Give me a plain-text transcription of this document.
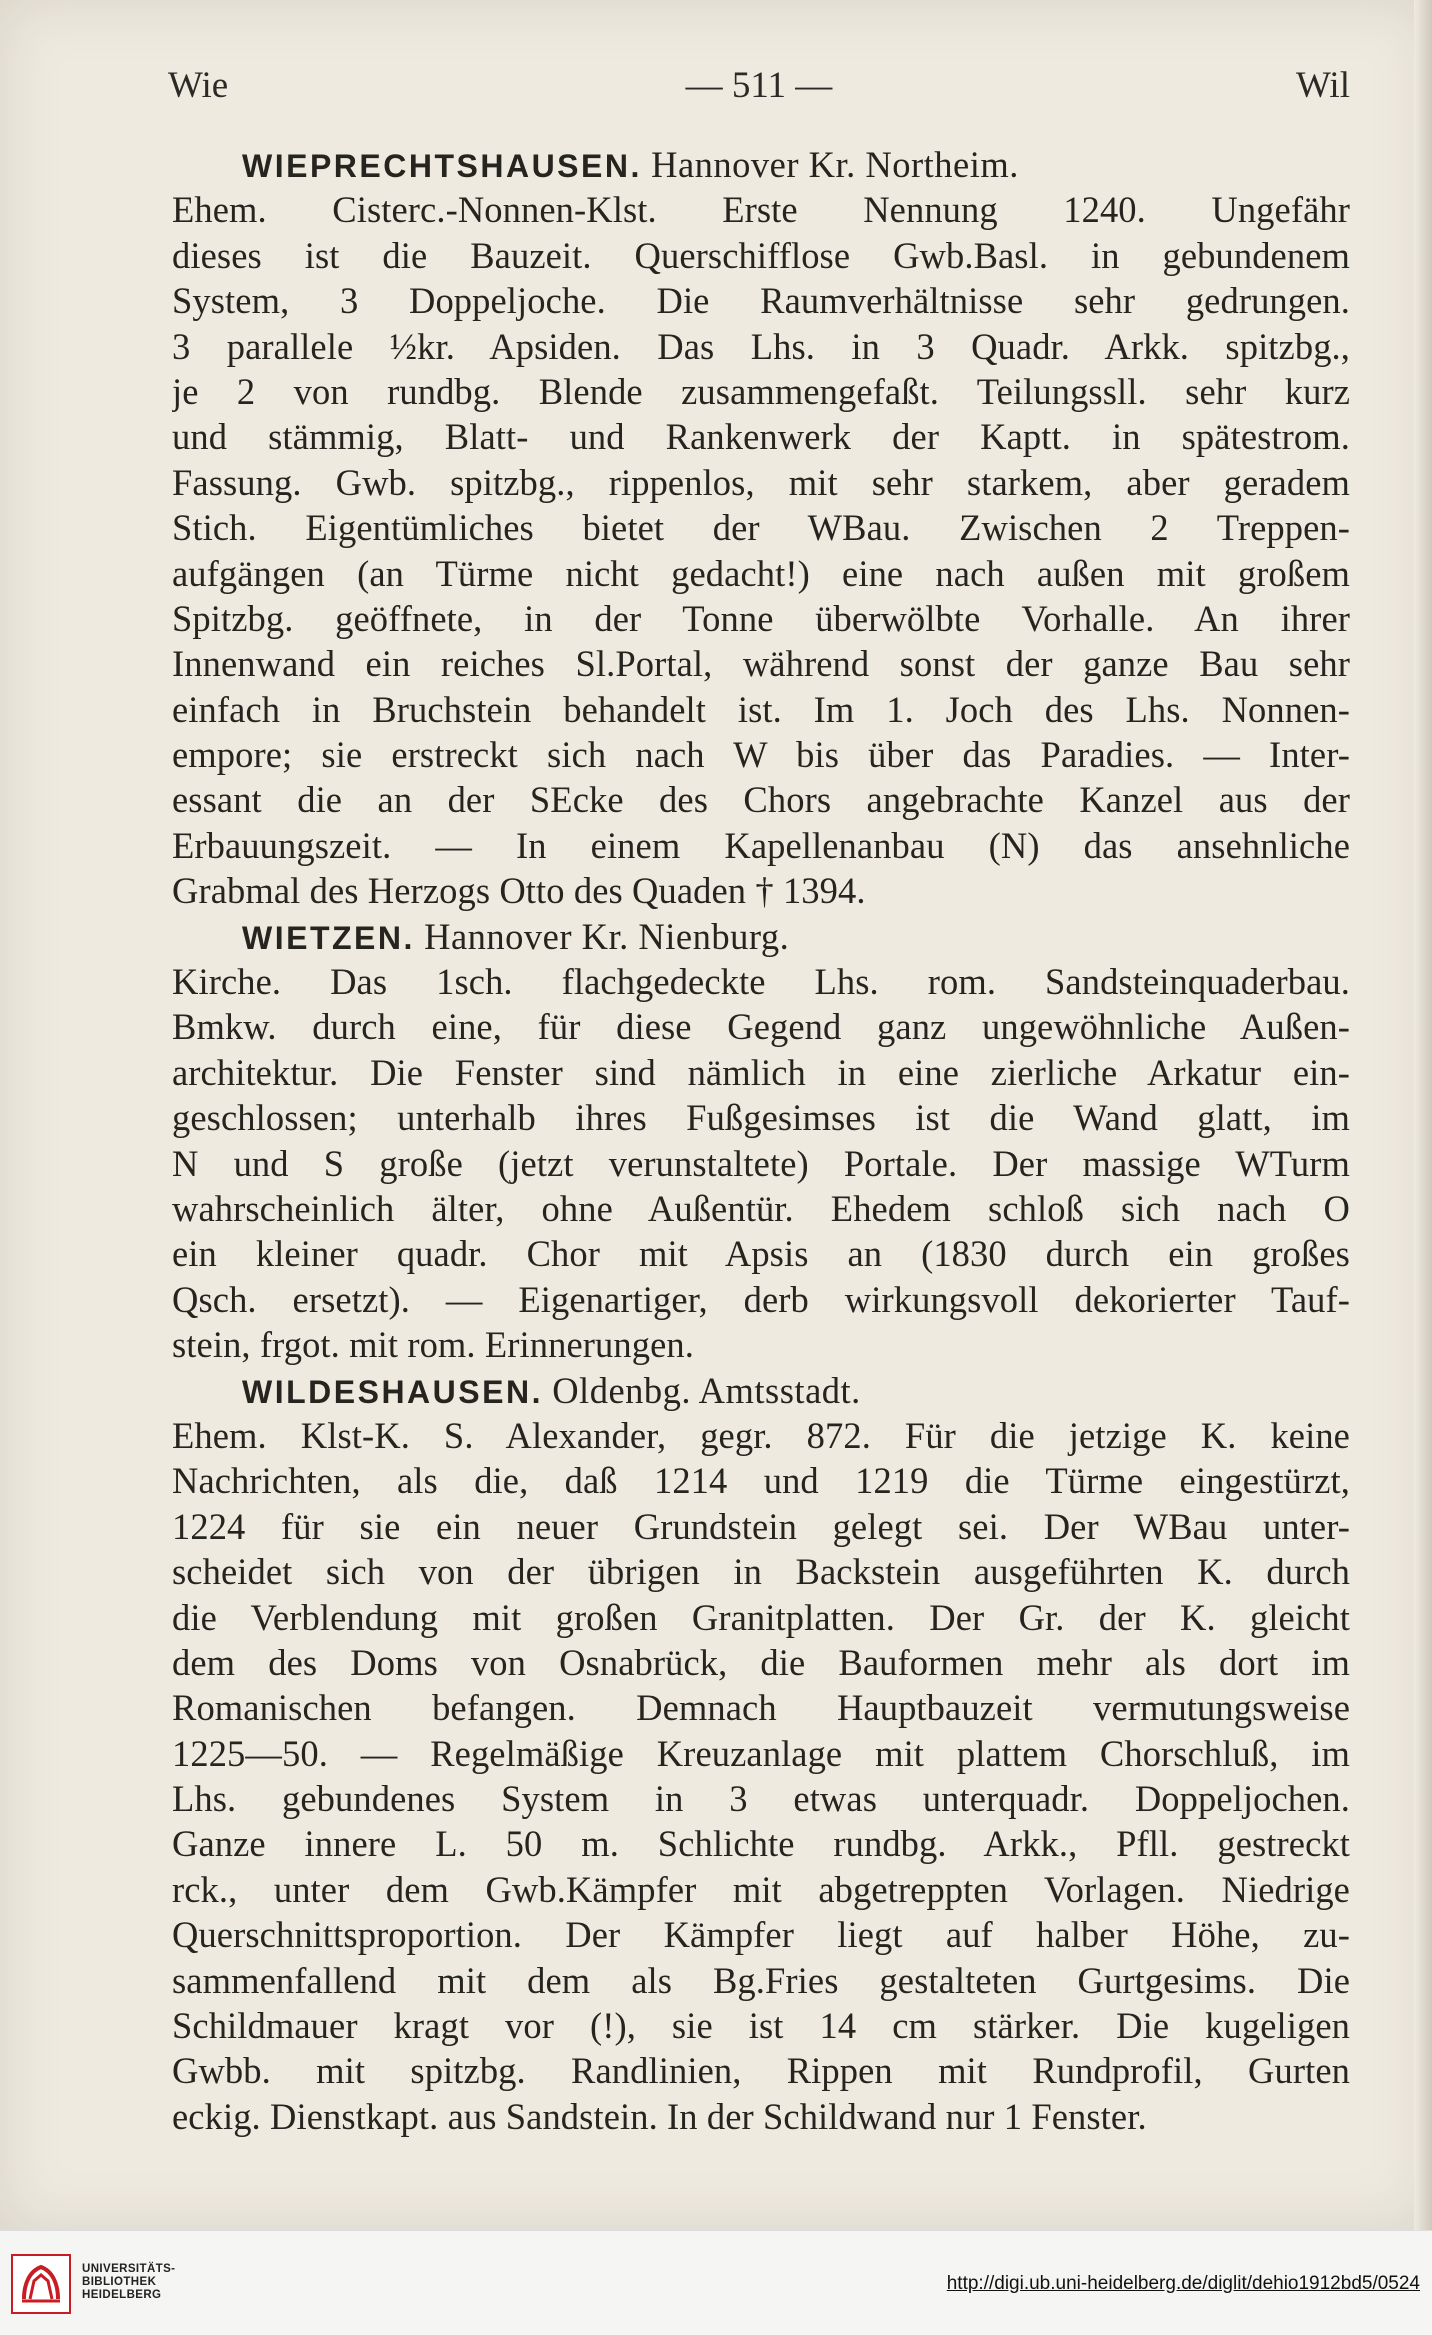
Wie	— 511 —	Wil
WIEPRECHTSHAUSEN. Hannover Kr. Northeim.
Ehem. Cisterc.-Nonnen-Klst. Erste Nennung 1240. Ungefähr
dieses ist die Bauzeit. Querschifflose Gwb.Basl. in gebundenem
System, 3 Doppeljoche. Die Raumverhältnisse sehr gedrungen.
3 parallele ½kr. Apsiden. Das Lhs. in 3 Quadr. Arkk. spitzbg.,
je 2 von rundbg. Blende zusammengefaßt. Teilungssll. sehr kurz
und stämmig, Blatt- und Rankenwerk der Kaptt. in spätestrom.
Fassung. Gwb. spitzbg., rippenlos, mit sehr starkem, aber geradem
Stich. Eigentümliches bietet der WBau. Zwischen 2 Treppen-
aufgängen (an Türme nicht gedacht!) eine nach außen mit großem
Spitzbg. geöffnete, in der Tonne überwölbte Vorhalle. An ihrer
Innenwand ein reiches Sl.Portal, während sonst der ganze Bau sehr
einfach in Bruchstein behandelt ist. Im 1. Joch des Lhs. Nonnen-
empore; sie erstreckt sich nach W bis über das Paradies. — Inter-
essant die an der SEcke des Chors angebrachte Kanzel aus der
Erbauungszeit. — In einem Kapellenanbau (N) das ansehnliche
Grabmal des Herzogs Otto des Quaden † 1394.
WIETZEN. Hannover Kr. Nienburg.
Kirche. Das 1sch. flachgedeckte Lhs. rom. Sandsteinquaderbau.
Bmkw. durch eine, für diese Gegend ganz ungewöhnliche Außen-
architektur. Die Fenster sind nämlich in eine zierliche Arkatur ein-
geschlossen; unterhalb ihres Fußgesimses ist die Wand glatt, im
N und S große (jetzt verunstaltete) Portale. Der massige WTurm
wahrscheinlich älter, ohne Außentür. Ehedem schloß sich nach O
ein kleiner quadr. Chor mit Apsis an (1830 durch ein großes
Qsch. ersetzt). — Eigenartiger, derb wirkungsvoll dekorierter Tauf-
stein, frgot. mit rom. Erinnerungen.
WILDESHAUSEN. Oldenbg. Amtsstadt.
Ehem. Klst-K. S. Alexander, gegr. 872. Für die jetzige K. keine
Nachrichten, als die, daß 1214 und 1219 die Türme eingestürzt,
1224 für sie ein neuer Grundstein gelegt sei. Der WBau unter-
scheidet sich von der übrigen in Backstein ausgeführten K. durch
die Verblendung mit großen Granitplatten. Der Gr. der K. gleicht
dem des Doms von Osnabrück, die Bauformen mehr als dort im
Romanischen befangen. Demnach Hauptbauzeit vermutungsweise
1225—50. — Regelmäßige Kreuzanlage mit plattem Chorschluß, im
Lhs. gebundenes System in 3 etwas unterquadr. Doppeljochen.
Ganze innere L. 50 m. Schlichte rundbg. Arkk., Pfll. gestreckt
rck., unter dem Gwb.Kämpfer mit abgetreppten Vorlagen. Niedrige
Querschnittsproportion. Der Kämpfer liegt auf halber Höhe, zu-
sammenfallend mit dem als Bg.Fries gestalteten Gurtgesims. Die
Schildmauer kragt vor (!), sie ist 14 cm stärker. Die kugeligen
Gwbb. mit spitzbg. Randlinien, Rippen mit Rundprofil, Gurten
eckig. Dienstkapt. aus Sandstein. In der Schildwand nur 1 Fenster.
UNIVERSITÄTS-
BIBLIOTHEK
HEIDELBERG
http://digi.ub.uni-heidelberg.de/diglit/dehio1912bd5/0524
